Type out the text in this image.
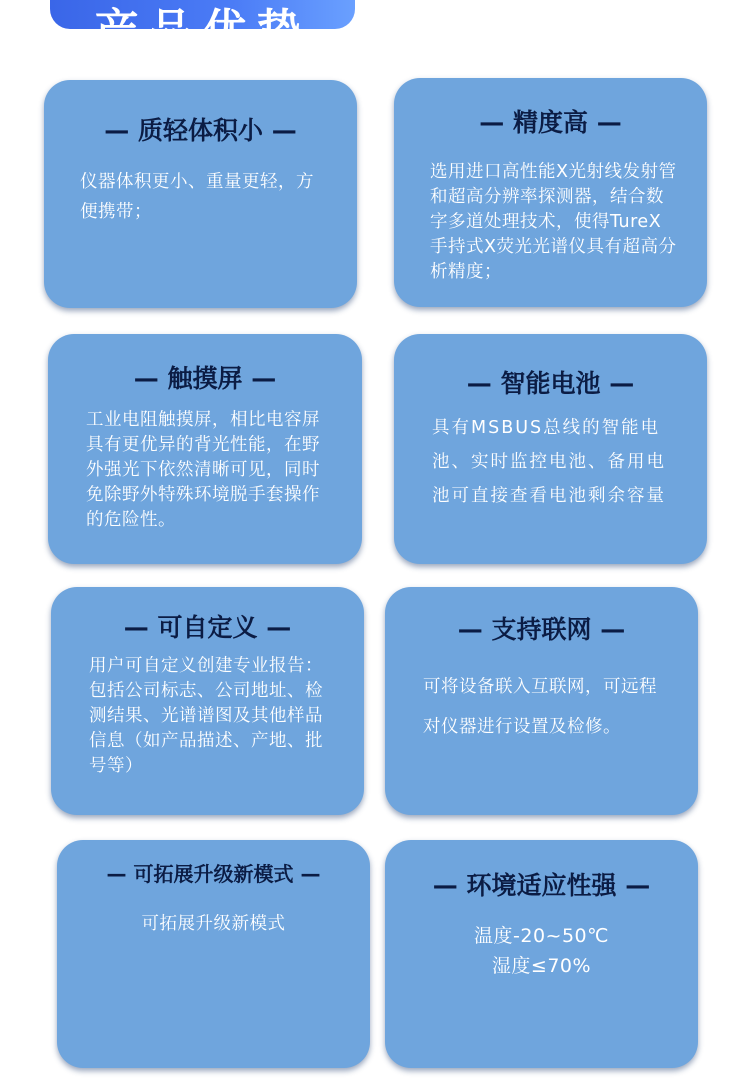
产品优势
— 质轻体积小 —
仪器体积更小、重量更轻，方便携带；
— 精度高 —
选用进口高性能X光射线发射管和超高分辨率探测器，结合数字多道处理技术，使得TureX手持式X荧光光谱仪具有超高分析精度；
— 触摸屏 —
工业电阻触摸屏，相比电容屏具有更优异的背光性能，在野外强光下依然清晰可见，同时免除野外特殊环境脱手套操作的危险性。
— 智能电池 —
具有MSBUS总线的智能电池、实时监控电池、备用电池可直接查看电池剩余容量
— 可自定义 —
用户可自定义创建专业报告：包括公司标志、公司地址、检测结果、光谱谱图及其他样品信息（如产品描述、产地、批号等）
— 支持联网 —
可将设备联入互联网，可远程对仪器进行设置及检修。
— 可拓展升级新模式 —
可拓展升级新模式
— 环境适应性强 —
温度-20~50℃
湿度≤70%
